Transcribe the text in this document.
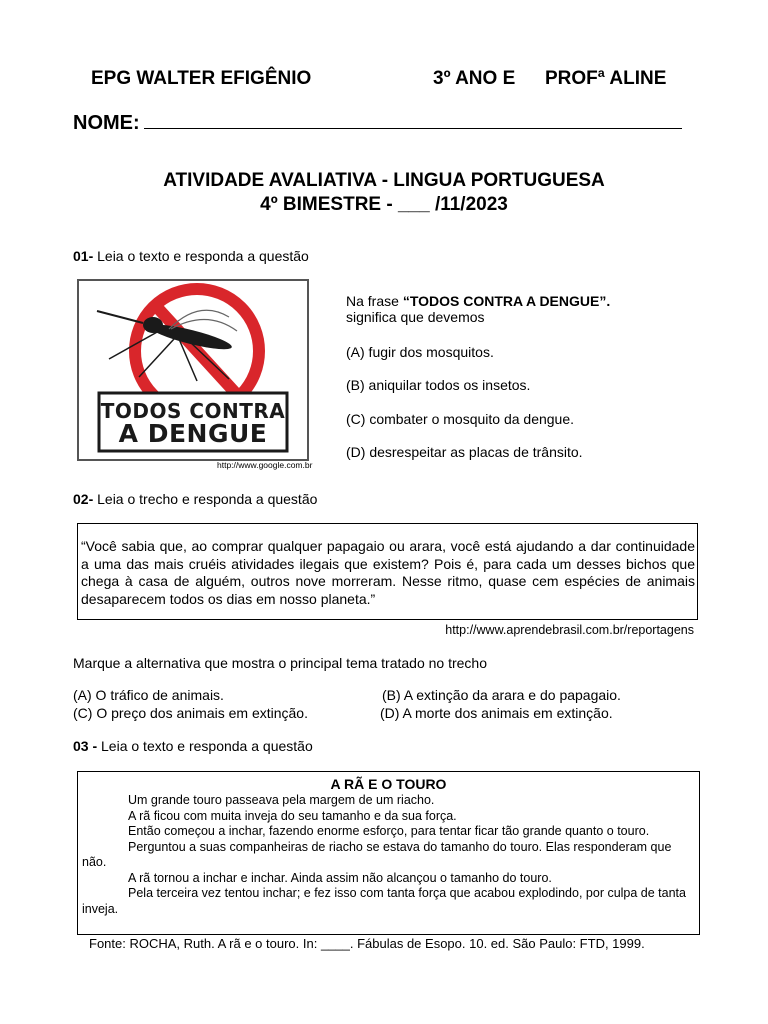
EPG WALTER EFIGÊNIO	3º ANO E PROFª ALINE
NOME:
ATIVIDADE AVALIATIVA - LINGUA PORTUGUESA
4º BIMESTRE - ___ /11/2023
01- Leia o texto e responda a questão
TODOS CONTRA
A DENGUE
http://www.google.com.br
Na frase “TODOS CONTRA A DENGUE”.
significa que devemos
(A) fugir dos mosquitos.
(B) aniquilar todos os insetos.
(C) combater o mosquito da dengue.
(D) desrespeitar as placas de trânsito.
02- Leia o trecho e responda a questão
“Você sabia que, ao comprar qualquer papagaio ou arara, você está ajudando a dar continuidade a uma das mais cruéis atividades ilegais que existem? Pois é, para cada um desses bichos que chega à casa de alguém, outros nove morreram. Nesse ritmo, quase cem espécies de animais desaparecem todos os dias em nosso planeta.”
http://www.aprendebrasil.com.br/reportagens
Marque a alternativa que mostra o principal tema tratado no trecho
(A) O tráfico de animais.	(B) A extinção da arara e do papagaio.
(C) O preço dos animais em extinção.	(D) A morte dos animais em extinção.
03 - Leia o texto e responda a questão
A RÃ E O TOURO

Um grande touro passeava pela margem de um riacho.

A rã ficou com muita inveja do seu tamanho e da sua força.

Então começou a inchar, fazendo enorme esforço, para tentar ficar tão grande quanto o touro.

Perguntou a suas companheiras de riacho se estava do tamanho do touro. Elas responderam que não.

A rã tornou a inchar e inchar. Ainda assim não alcançou o tamanho do touro.

Pela terceira vez tentou inchar; e fez isso com tanta força que acabou explodindo, por culpa de tanta inveja.

Fonte: ROCHA, Ruth. A rã e o touro. In: ____. Fábulas de Esopo. 10. ed. São Paulo: FTD, 1999.
